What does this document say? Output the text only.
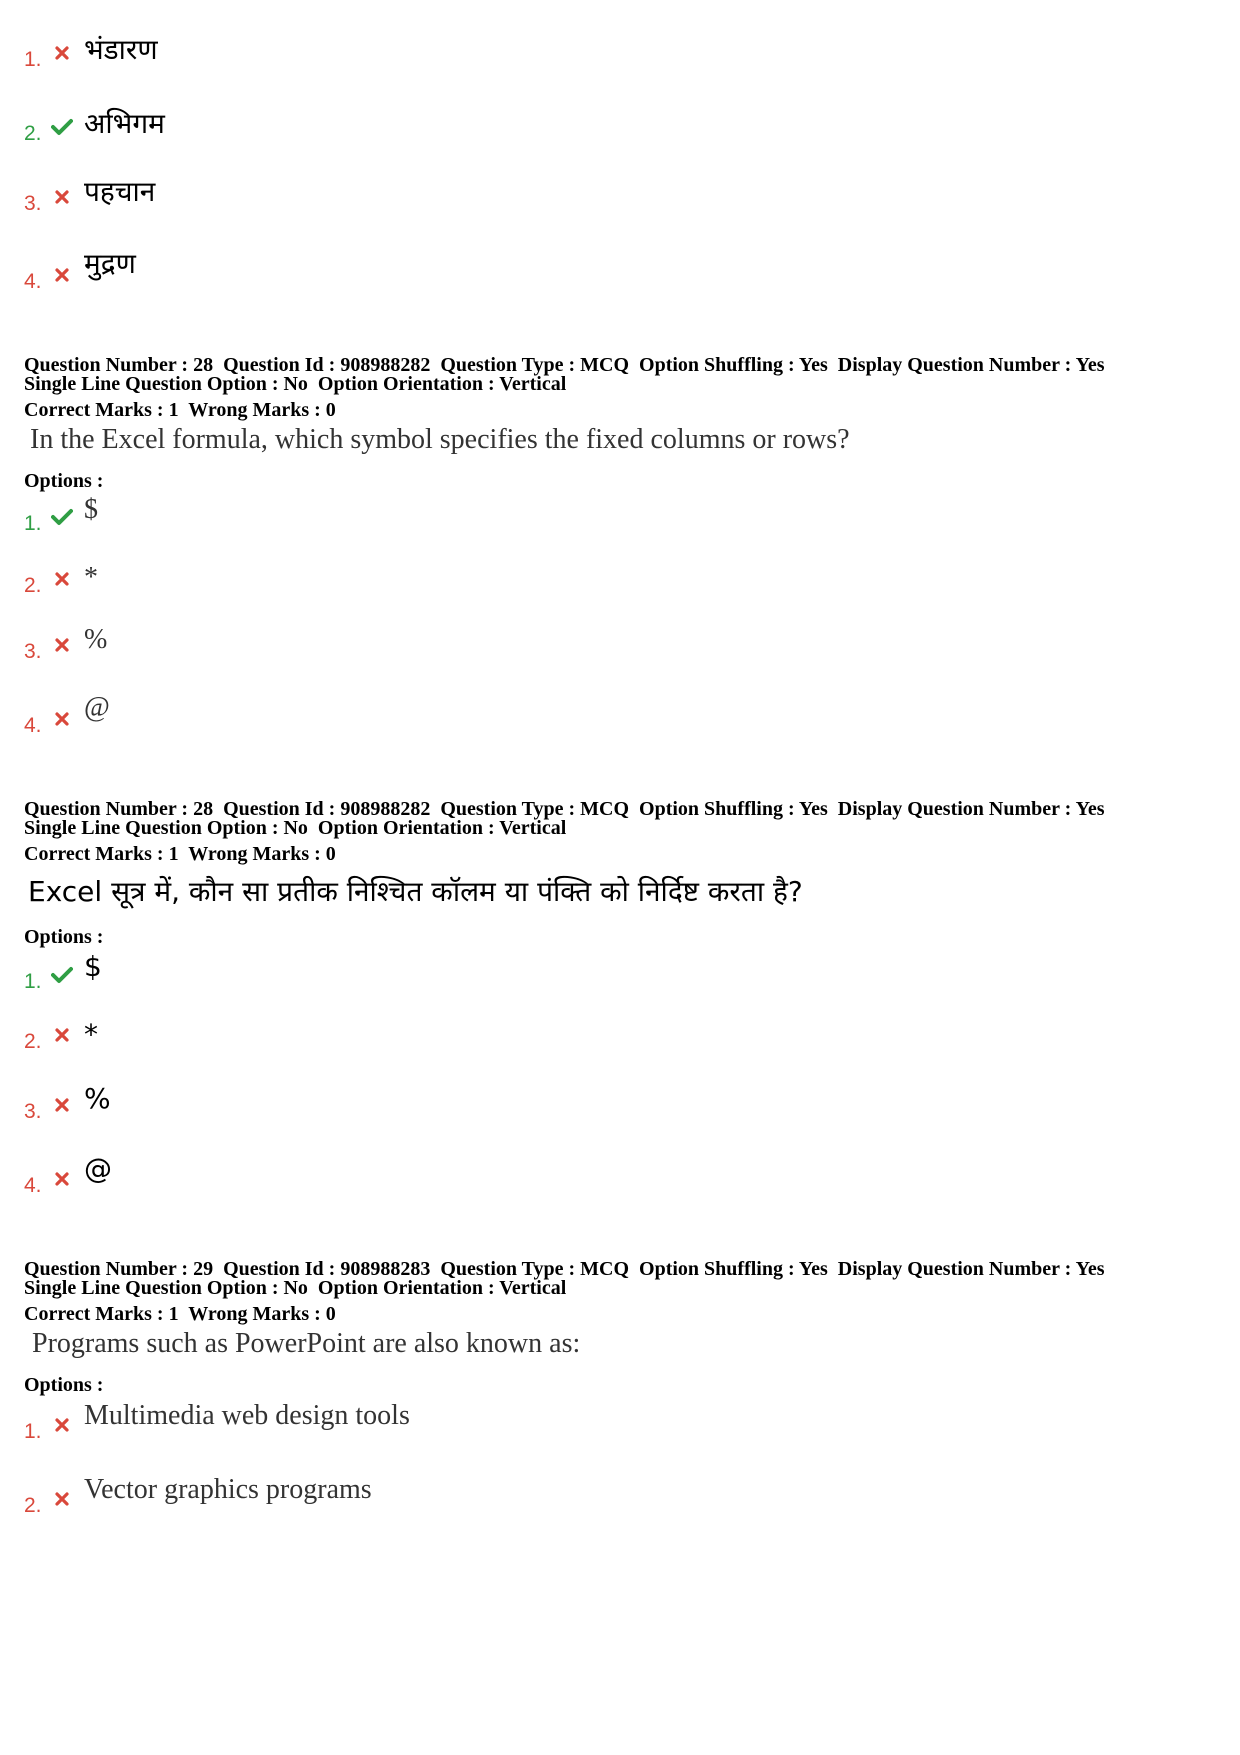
1. भंडारण
2. अभिगम
3. पहचान
4.
मुद्रण
Question Number : 28  Question Id : 908988282  Question Type : MCQ  Option Shuffling : Yes  Display Question Number : Yes
Single Line Question Option : No  Option Orientation : Vertical
Correct Marks : 1  Wrong Marks : 0
In the Excel formula, which symbol specifies the fixed columns or rows?
Options :
1. $
2. *
3. %
4.
@
Question Number : 28  Question Id : 908988282  Question Type : MCQ  Option Shuffling : Yes  Display Question Number : Yes
Single Line Question Option : No  Option Orientation : Vertical
Correct Marks : 1  Wrong Marks : 0
Excel सूत्र में, कौन सा प्रतीक निश्चित कॉलम या पंक्ति को निर्दिष्ट करता है?
Options :
1. $
2. *
3. %
4.
@
Question Number : 29  Question Id : 908988283  Question Type : MCQ  Option Shuffling : Yes  Display Question Number : Yes
Single Line Question Option : No  Option Orientation : Vertical
Correct Marks : 1  Wrong Marks : 0
Programs such as PowerPoint are also known as:
Options :
1.
Multimedia web design tools
2.
Vector graphics programs
